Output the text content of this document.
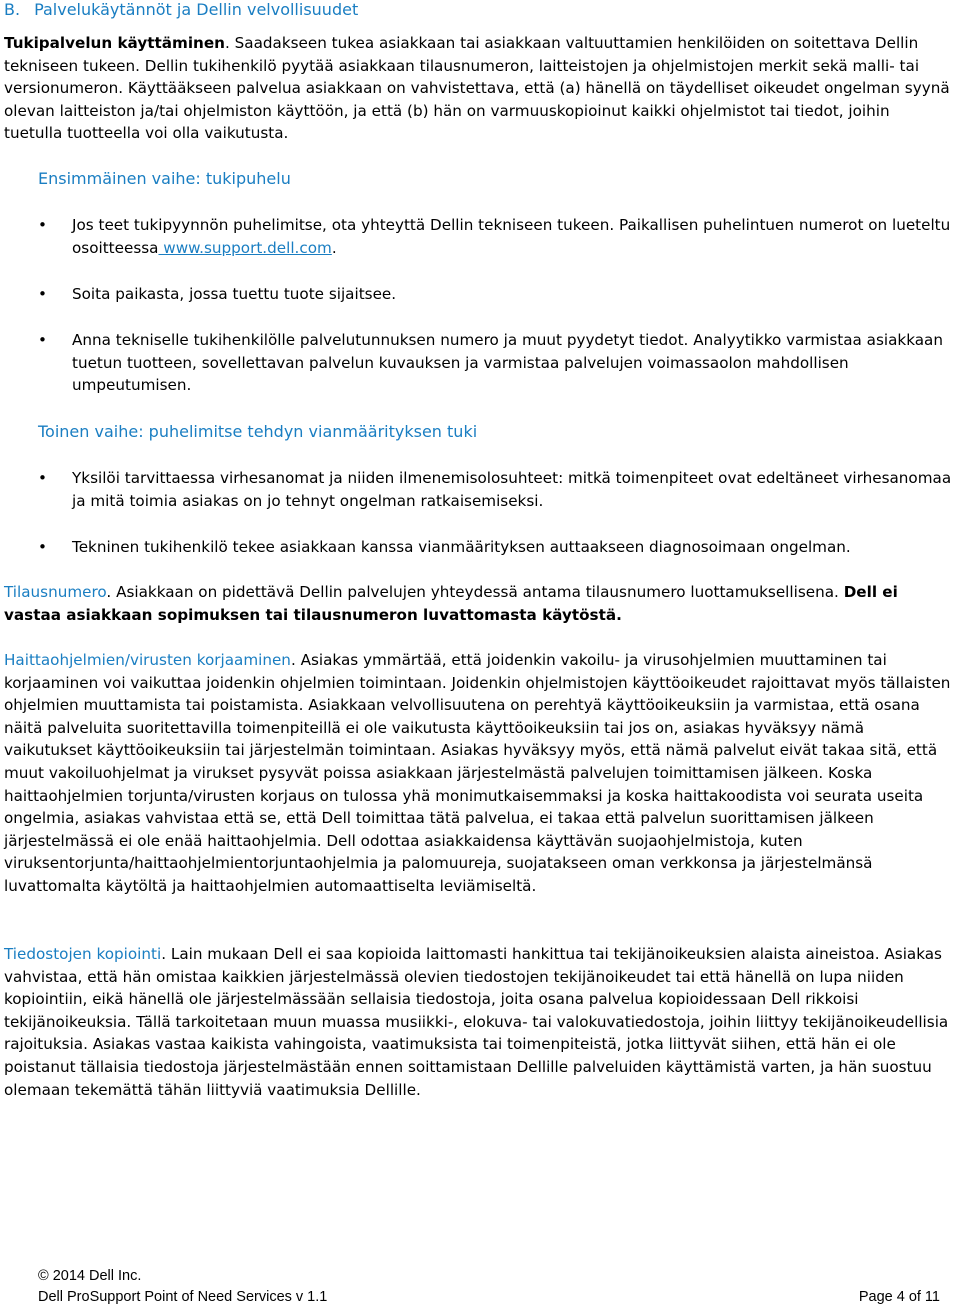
B. Palvelukäytännöt ja Dellin velvollisuudet

Tukipalvelun käyttäminen. Saadakseen tukea asiakkaan tai asiakkaan valtuuttamien henkilöiden on soitettava Dellin tekniseen tukeen. Dellin tukihenkilö pyytää asiakkaan tilausnumeron, laitteistojen ja ohjelmistojen merkit sekä malli- tai versionumeron. Käyttääkseen palvelua asiakkaan on vahvistettava, että (a) hänellä on täydelliset oikeudet ongelman syynä olevan laitteiston ja/tai ohjelmiston käyttöön, ja että (b) hän on varmuuskopioinut kaikki ohjelmistot tai tiedot, joihin tuetulla tuotteella voi olla vaikutusta.

Ensimmäinen vaihe: tukipuhelu

• Jos teet tukipyynnön puhelimitse, ota yhteyttä Dellin tekniseen tukeen. Paikallisen puhelintuen numerot on lueteltu osoitteessa www.support.dell.com.

• Soita paikasta, jossa tuettu tuote sijaitsee.

• Anna tekniselle tukihenkilölle palvelutunnuksen numero ja muut pyydetyt tiedot. Analyytikko varmistaa asiakkaan tuetun tuotteen, sovellettavan palvelun kuvauksen ja varmistaa palvelujen voimassaolon mahdollisen umpeutumisen.

Toinen vaihe: puhelimitse tehdyn vianmäärityksen tuki

• Yksilöi tarvittaessa virhesanomat ja niiden ilmenemisolosuhteet: mitkä toimenpiteet ovat edeltäneet virhesanomaa ja mitä toimia asiakas on jo tehnyt ongelman ratkaisemiseksi.

• Tekninen tukihenkilö tekee asiakkaan kanssa vianmäärityksen auttaakseen diagnosoimaan ongelman.

Tilausnumero. Asiakkaan on pidettävä Dellin palvelujen yhteydessä antama tilausnumero luottamuksellisena. Dell ei vastaa asiakkaan sopimuksen tai tilausnumeron luvattomasta käytöstä.

Haittaohjelmien/virusten korjaaminen. Asiakas ymmärtää, että joidenkin vakoilu- ja virusohjelmien muuttaminen tai korjaaminen voi vaikuttaa joidenkin ohjelmien toimintaan. Joidenkin ohjelmistojen käyttöoikeudet rajoittavat myös tällaisten ohjelmien muuttamista tai poistamista. Asiakkaan velvollisuutena on perehtyä käyttöoikeuksiin ja varmistaa, että osana näitä palveluita suoritettavilla toimenpiteillä ei ole vaikutusta käyttöoikeuksiin tai jos on, asiakas hyväksyy nämä vaikutukset käyttöoikeuksiin tai järjestelmän toimintaan. Asiakas hyväksyy myös, että nämä palvelut eivät takaa sitä, että muut vakoiluohjelmat ja virukset pysyvät poissa asiakkaan järjestelmästä palvelujen toimittamisen jälkeen. Koska haittaohjelmien torjunta/virusten korjaus on tulossa yhä monimutkaisemmaksi ja koska haittakoodista voi seurata useita ongelmia, asiakas vahvistaa että se, että Dell toimittaa tätä palvelua, ei takaa että palvelun suorittamisen jälkeen järjestelmässä ei ole enää haittaohjelmia. Dell odottaa asiakkaidensa käyttävän suojaohjelmistoja, kuten viruksentorjunta/haittaohjelmientorjuntaohjelmia ja palomuureja, suojatakseen oman verkkonsa ja järjestelmänsä luvattomalta käytöltä ja haittaohjelmien automaattiselta leviämiseltä.

Tiedostojen kopiointi. Lain mukaan Dell ei saa kopioida laittomasti hankittua tai tekijänoikeuksien alaista aineistoa. Asiakas vahvistaa, että hän omistaa kaikkien järjestelmässä olevien tiedostojen tekijänoikeudet tai että hänellä on lupa niiden kopiointiin, eikä hänellä ole järjestelmässään sellaisia tiedostoja, joita osana palvelua kopioidessaan Dell rikkoisi tekijänoikeuksia. Tällä tarkoitetaan muun muassa musiikki-, elokuva- tai valokuvatiedostoja, joihin liittyy tekijänoikeudellisia rajoituksia. Asiakas vastaa kaikista vahingoista, vaatimuksista tai toimenpiteistä, jotka liittyvät siihen, että hän ei ole poistanut tällaisia tiedostoja järjestelmästään ennen soittamistaan Dellille palveluiden käyttämistä varten, ja hän suostuu olemaan tekemättä tähän liittyviä vaatimuksia Dellille.

© 2014 Dell Inc.
Dell ProSupport Point of Need Services v 1.1	Page 4 of 11
